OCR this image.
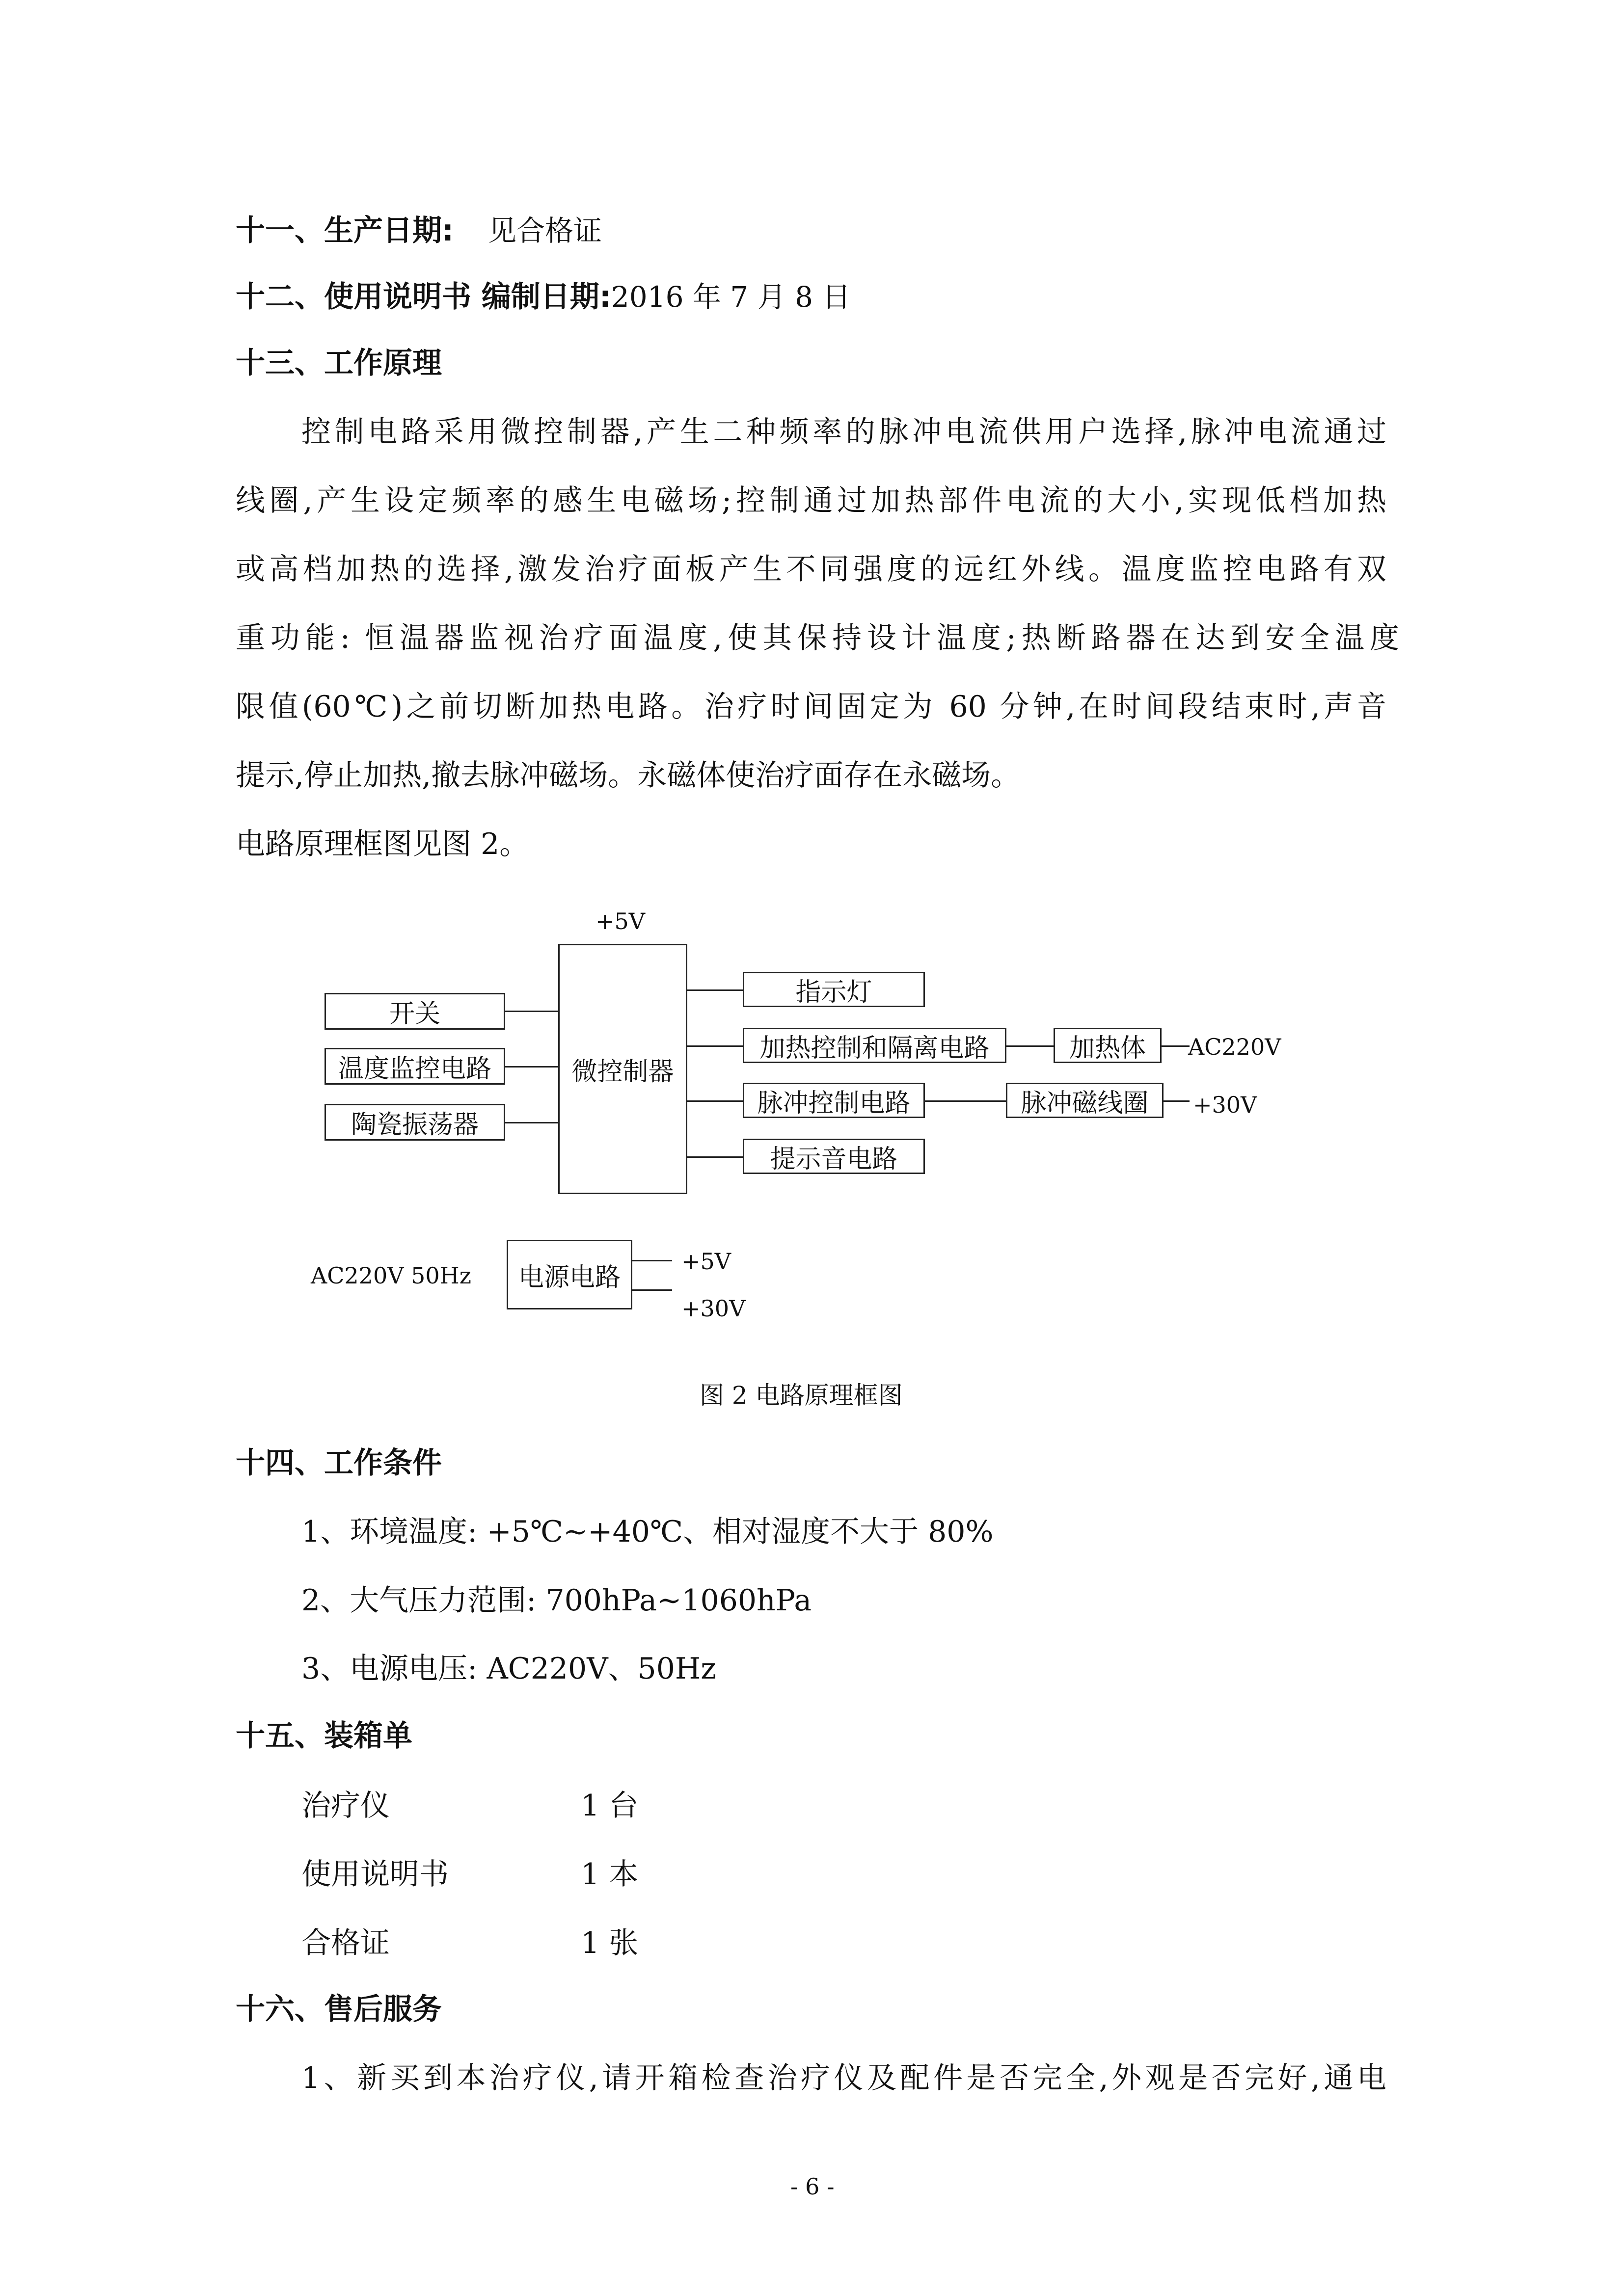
十一、生产日期: 见合格证
十二、使用说明书 编制日期:2016 年 7 月 8 日
十三、工作原理
控制电路采用微控制器,产生二种频率的脉冲电流供用户选择,脉冲电流通过
线圈,产生设定频率的感生电磁场;控制通过加热部件电流的大小,实现低档加热
或高档加热的选择,激发治疗面板产生不同强度的远红外线。温度监控电路有双
重功能: 恒温器监视治疗面温度,使其保持设计温度;热断路器在达到安全温度
限值(60℃)之前切断加热电路。治疗时间固定为 60 分钟,在时间段结束时,声音
提示,停止加热,撤去脉冲磁场。永磁体使治疗面存在永磁场。
电路原理框图见图 2。
+5V
AC220V
+30V
AC220V 50Hz
+5V
+30V
微控制器
开关
温度监控电路
陶瓷振荡器
指示灯
加热控制和隔离电路
脉冲控制电路
提示音电路
加热体
脉冲磁线圈
电源电路
图 2 电路原理框图
十四、工作条件
1、环境温度: +5℃~+40℃、相对湿度不大于 80%
2、大气压力范围: 700hPa~1060hPa
3、电源电压: AC220V、50Hz
十五、装箱单
治疗仪	1 台
使用说明书	1 本
合格证	1 张
十六、售后服务
1、新买到本治疗仪,请开箱检查治疗仪及配件是否完全,外观是否完好,通电
- 6 -
